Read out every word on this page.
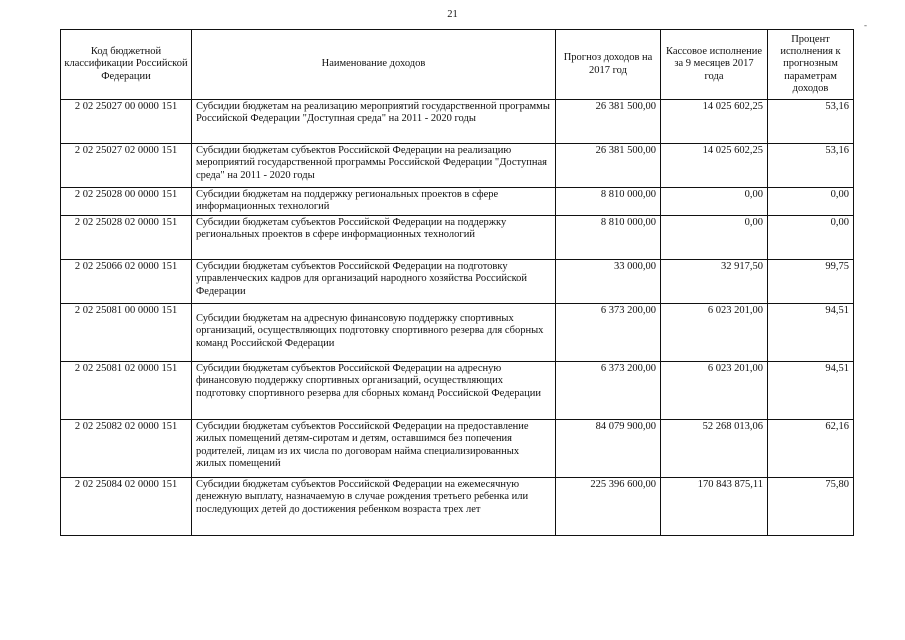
21
-
Код бюджетной классификации Российской Федерации	Наименование доходов	Прогноз доходов на 2017 год	Кассовое исполнение за 9 месяцев 2017 года	Процент исполнения к прогнозным параметрам доходов
2 02 25027 00 0000 151	Субсидии бюджетам на реализацию мероприятий государственной программы Российской Федерации "Доступная среда" на 2011 - 2020 годы	26 381 500,00	14 025 602,25	53,16
2 02 25027 02 0000 151	Субсидии бюджетам субъектов Российской Федерации на реализацию мероприятий государственной программы Российской Федерации "Доступная среда" на 2011 - 2020 годы	26 381 500,00	14 025 602,25	53,16
2 02 25028 00 0000 151	Субсидии бюджетам на поддержку региональных проектов в сфере информационных технологий	8 810 000,00	0,00	0,00
2 02 25028 02 0000 151	Субсидии бюджетам субъектов Российской Федерации на поддержку региональных проектов в сфере информационных технологий	8 810 000,00	0,00	0,00
2 02 25066 02 0000 151	Субсидии бюджетам субъектов Российской Федерации на подготовку управленческих кадров для организаций народного хозяйства Российской Федерации	33 000,00	32 917,50	99,75
2 02 25081 00 0000 151	Субсидии бюджетам на адресную финансовую поддержку спортивных организаций, осуществляющих подготовку спортивного резерва для сборных команд Российской Федерации	6 373 200,00	6 023 201,00	94,51
2 02 25081 02 0000 151	Субсидии бюджетам субъектов Российской Федерации на адресную финансовую поддержку спортивных организаций, осуществляющих подготовку спортивного резерва для сборных команд Российской Федерации	6 373 200,00	6 023 201,00	94,51
2 02 25082 02 0000 151	Субсидии бюджетам субъектов Российской Федерации на предоставление жилых помещений детям-сиротам и детям, оставшимся без попечения родителей, лицам из их числа по договорам найма специализированных жилых помещений	84 079 900,00	52 268 013,06	62,16
2 02 25084 02 0000 151	Субсидии бюджетам субъектов Российской Федерации на ежемесячную денежную выплату, назначаемую в случае рождения третьего ребенка или последующих детей до достижения ребенком возраста трех лет	225 396 600,00	170 843 875,11	75,80
